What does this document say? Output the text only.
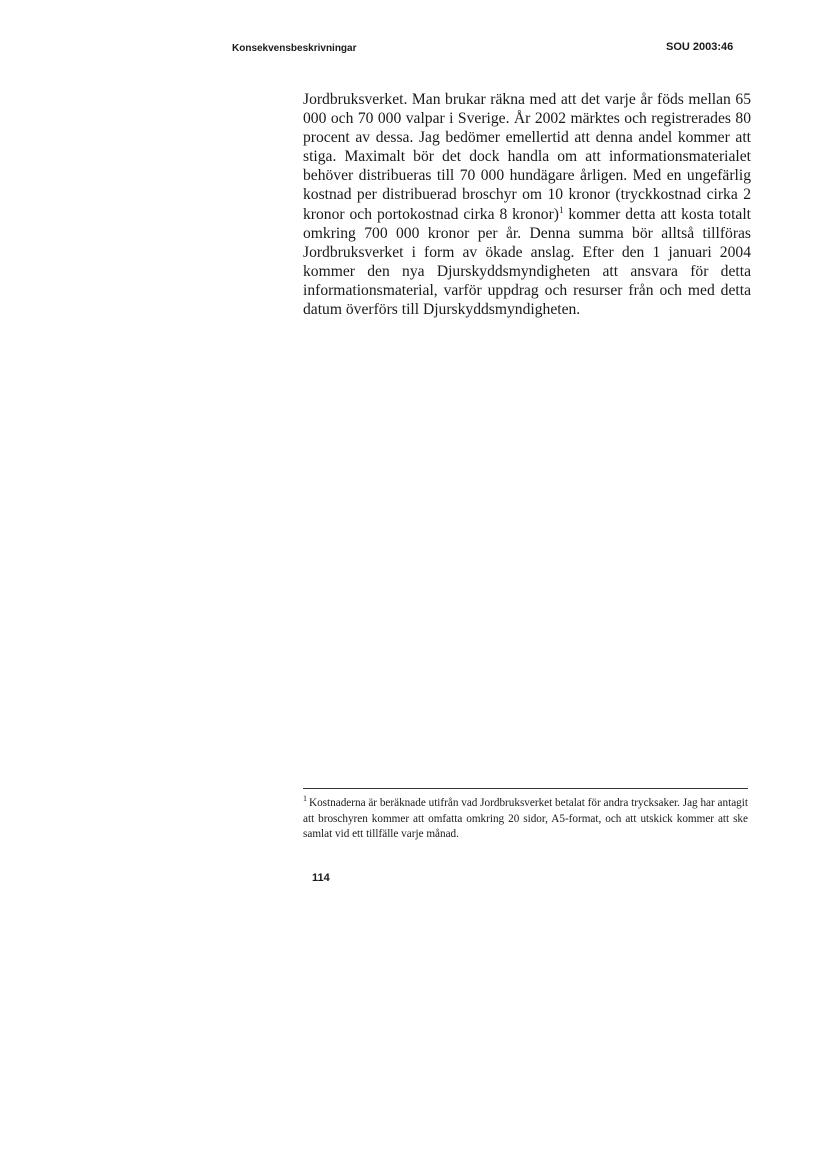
Konsekvensbeskrivningar	SOU 2003:46

Jordbruksverket. Man brukar räkna med att det varje år föds mellan 65 000 och 70 000 valpar i Sverige. År 2002 märktes och registrerades 80 procent av dessa. Jag bedömer emellertid att denna andel kommer att stiga. Maximalt bör det dock handla om att informationsmaterialet behöver distribueras till 70 000 hundägare årligen. Med en ungefärlig kostnad per distribuerad broschyr om 10 kronor (tryckkostnad cirka 2 kronor och portokostnad cirka 8 kronor)$^1$ kommer detta att kosta totalt omkring 700 000 kronor per år. Denna summa bör alltså tillföras Jordbruksverket i form av ökade anslag. Efter den 1 januari 2004 kommer den nya Djurskyddsmyndigheten att ansvara för detta informationsmaterial, varför uppdrag och resurser från och med detta datum överförs till Djurskyddsmyndigheten.

$^1$ Kostnaderna är beräknade utifrån vad Jordbruksverket betalat för andra trycksaker. Jag har antagit att broschyren kommer att omfatta omkring 20 sidor, A5-format, och att utskick kommer att ske samlat vid ett tillfälle varje månad.

114
